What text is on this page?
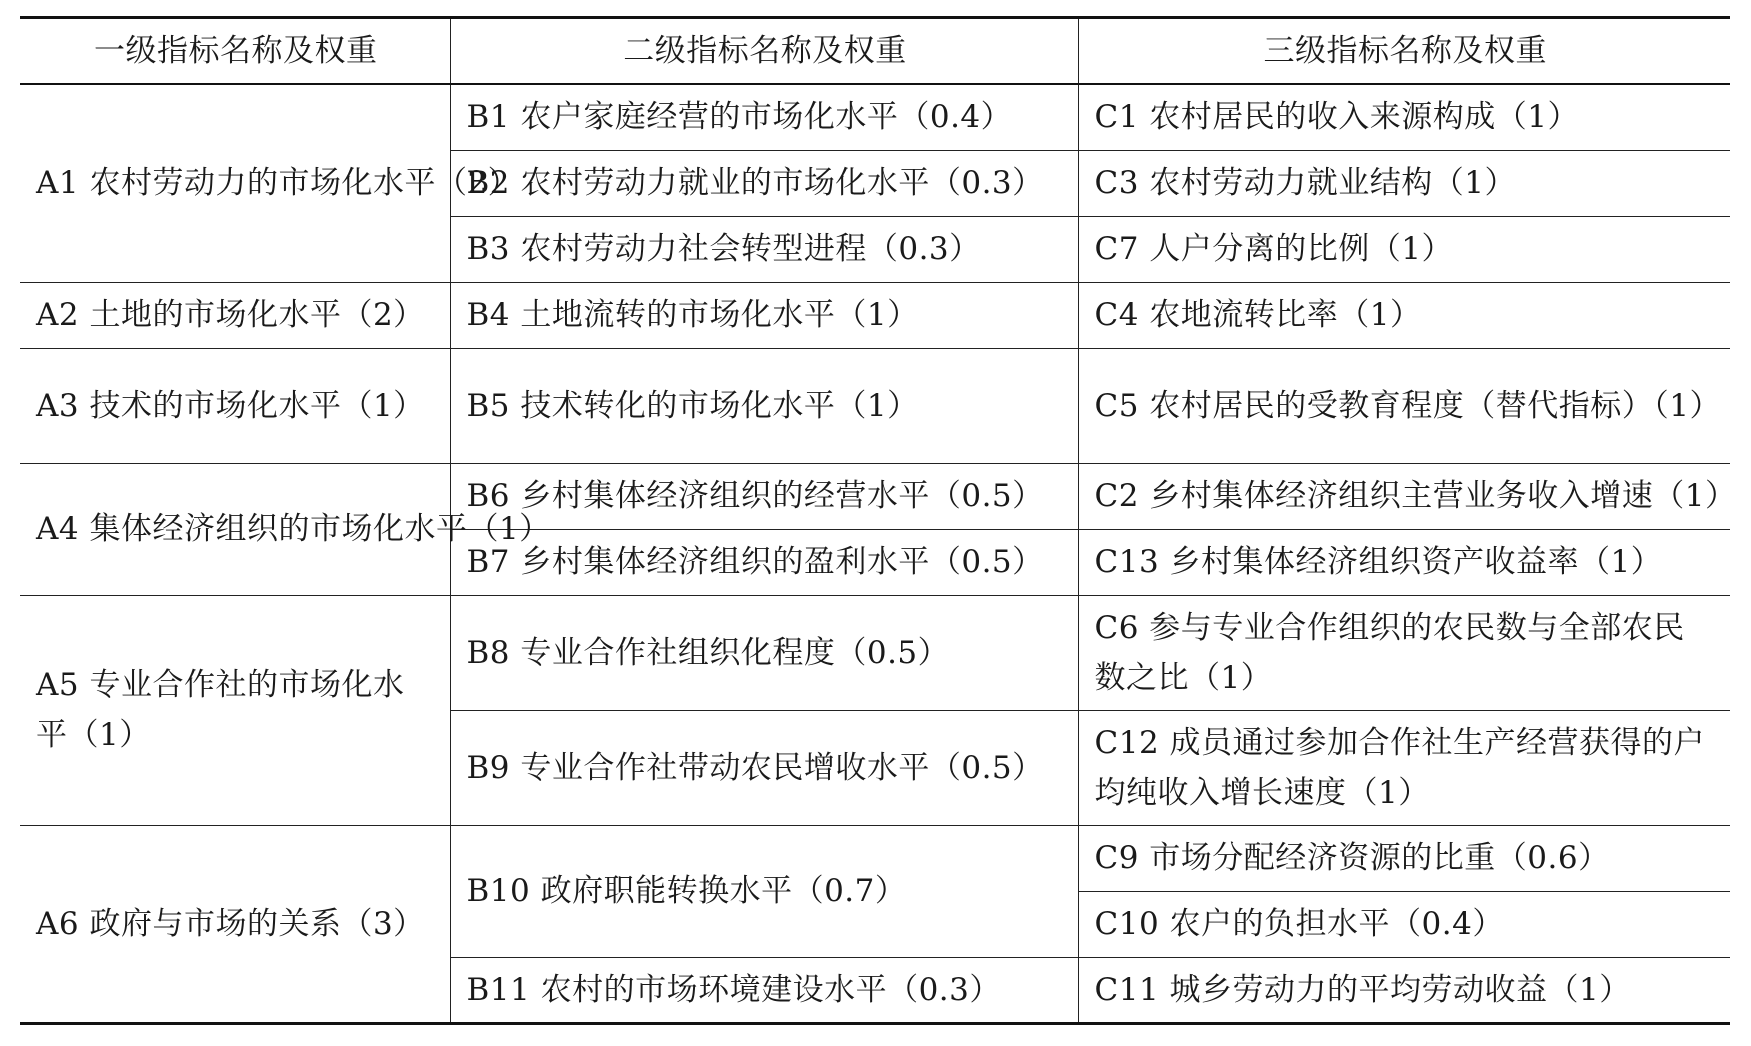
一级指标名称及权重	二级指标名称及权重	三级指标名称及权重
A1 农村劳动力的市场化水平（2）	B1 农户家庭经营的市场化水平（0.4）	C1 农村居民的收入来源构成（1）
	B2 农村劳动力就业的市场化水平（0.3）	C3 农村劳动力就业结构（1）
	B3 农村劳动力社会转型进程（0.3）	C7 人户分离的比例（1）
A2 土地的市场化水平（2）	B4 土地流转的市场化水平（1）	C4 农地流转比率（1）
A3 技术的市场化水平（1）	B5 技术转化的市场化水平（1）	C5 农村居民的受教育程度（替代指标）（1）
A4 集体经济组织的市场化水平（1）	B6 乡村集体经济组织的经营水平（0.5）	C2 乡村集体经济组织主营业务收入增速（1）
	B7 乡村集体经济组织的盈利水平（0.5）	C13 乡村集体经济组织资产收益率（1）
A5 专业合作社的市场化水平（1）	B8 专业合作社组织化程度（0.5）	C6 参与专业合作组织的农民数与全部农民数之比（1）
	B9 专业合作社带动农民增收水平（0.5）	C12 成员通过参加合作社生产经营获得的户均纯收入增长速度（1）
A6 政府与市场的关系（3）	B10 政府职能转换水平（0.7）	C9 市场分配经济资源的比重（0.6）
		C10 农户的负担水平（0.4）
	B11 农村的市场环境建设水平（0.3）	C11 城乡劳动力的平均劳动收益（1）
